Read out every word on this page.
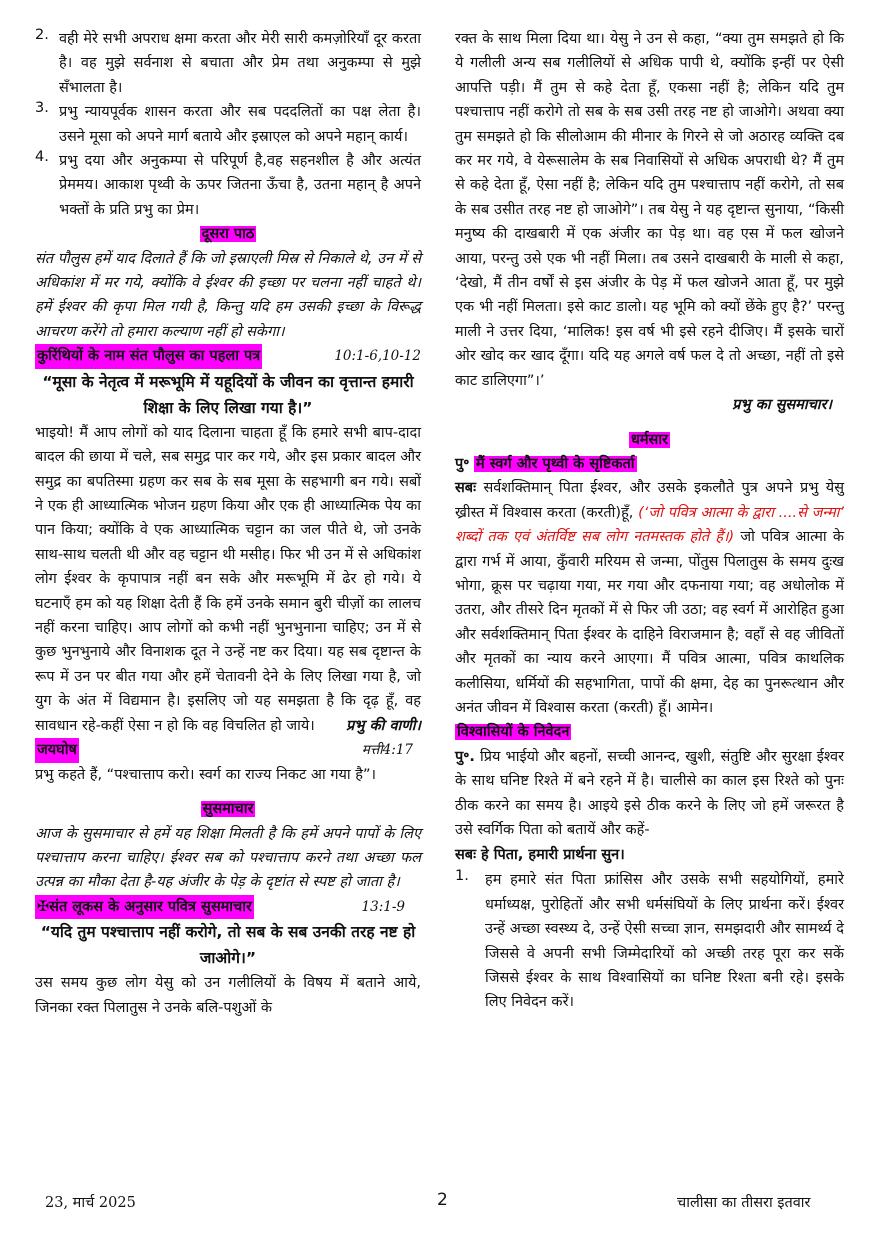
2. वही मेरे सभी अपराध क्षमा करता और मेरी सारी कमज़ोरियाँ दूर करता है। वह मुझे सर्वनाश से बचाता और प्रेम तथा अनुकम्पा से मुझे सँभालता है।

3. प्रभु न्यायपूर्वक शासन करता और सब पददलितों का पक्ष लेता है। उसने मूसा को अपने मार्ग बताये और इस्राएल को अपने महान् कार्य।

4. प्रभु दया और अनुकम्पा से परिपूर्ण है,वह सहनशील है और अत्यंत प्रेममय। आकाश पृथ्वी के ऊपर जितना ऊँचा है, उतना महान् है अपने भक्तों के प्रति प्रभु का प्रेम।

दूसरा पाठ

संत पौलुस हमें याद दिलाते हैं कि जो इस्राएली मिस्र से निकाले थे, उन में से अधिकांश में मर गये, क्योंकि वे ईश्वर की इच्छा पर चलना नहीं चाहते थे। हमें ईश्वर की कृपा मिल गयी है, किन्तु यदि हम उसकी इच्छा के विरूद्ध आचरण करेंगे तो हमारा कल्याण नहीं हो सकेगा।

कुरिंथियों के नाम संत पौलुस का पहला पत्र	10:1-6,10-12
“मूसा के नेतृत्व में मरूभूमि में यहूदियों के जीवन का वृत्तान्त हमारी शिक्षा के लिए लिखा गया है।”

भाइयो! मैं आप लोगों को याद दिलाना चाहता हूँ कि हमारे सभी बाप-दादा बादल की छाया में चले, सब समुद्र पार कर गये, और इस प्रकार बादल और समुद्र का बपतिस्मा ग्रहण कर सब के सब मूसा के सहभागी बन गये। सबों ने एक ही आध्यात्मिक भोजन ग्रहण किया और एक ही आध्यात्मिक पेय का पान किया; क्योंकि वे एक आध्यात्मिक चट्टान का जल पीते थे, जो उनके साथ-साथ चलती थी और वह चट्टान थी मसीह। फिर भी उन में से अधिकांश लोग ईश्वर के कृपापात्र नहीं बन सके और मरूभूमि में ढेर हो गये। ये घटनाएँ हम को यह शिक्षा देती हैं कि हमें उनके समान बुरी चीज़ों का लालच नहीं करना चाहिए। आप लोगों को कभी नहीं भुनभुनाना चाहिए; उन में से कुछ भुनभुनाये और विनाशक दूत ने उन्हें नष्ट कर दिया। यह सब दृष्टान्त के रूप में उन पर बीत गया और हमें चेतावनी देने के लिए लिखा गया है, जो युग के अंत में विद्यमान है। इसलिए जो यह समझता है कि दृढ़ हूँ, वह सावधान रहे-कहीं ऐसा न हो कि वह विचलित हो जाये।	प्रभु की वाणी।
जयघोष	मत्ती4:17

प्रभु कहते हैं, “पश्चात्ताप करो। स्वर्ग का राज्य निकट आ गया है”।

सुसमाचार

आज के सुसमाचार से हमें यह शिक्षा मिलती है कि हमें अपने पापों के लिए पश्चात्ताप करना चाहिए। ईश्वर सब को पश्चात्ताप करने तथा अच्छा फल उत्पन्न का मौका देता है-यह अंजीर के पेड़ के दृष्टांत से स्पष्ट हो जाता है।

✠संत लूकस के अनुसार पवित्र सुसमाचार	13:1-9
“यदि तुम पश्चात्ताप नहीं करोगे, तो सब के सब उनकी तरह नष्ट हो जाओगे।”

उस समय कुछ लोग येसु को उन गलीलियों के विषय में बताने आये, जिनका रक्त पिलातुस ने उनके बलि-पशुओं के

रक्त के साथ मिला दिया था। येसु ने उन से कहा, “क्या तुम समझते हो कि ये गलीली अन्य सब गलीलियों से अधिक पापी थे, क्योंकि इन्हीं पर ऐसी आपत्ति पड़ी। मैं तुम से कहे देता हूँ, एकसा नहीं है; लेकिन यदि तुम पश्चात्ताप नहीं करोगे तो सब के सब उसी तरह नष्ट हो जाओगे। अथवा क्या तुम समझते हो कि सीलोआम की मीनार के गिरने से जो अठारह व्यक्ति दब कर मर गये, वे येरूसालेम के सब निवासियों से अधिक अपराधी थे? मैं तुम से कहे देता हूँ, ऐसा नहीं है; लेकिन यदि तुम पश्चात्ताप नहीं करोगे, तो सब के सब उसीत तरह नष्ट हो जाओगे”। तब येसु ने यह दृष्टान्त सुनाया, “किसी मनुष्य की दाखबारी में एक अंजीर का पेड़ था। वह एस में फल खोजने आया, परन्तु उसे एक भी नहीं मिला। तब उसने दाखबारी के माली से कहा, ‘देखो, मैं तीन वर्षों से इस अंजीर के पेड़ में फल खोजने आता हूँ, पर मुझे एक भी नहीं मिलता। इसे काट डालो। यह भूमि को क्यों छेंके हुए है?’ परन्तु माली ने उत्तर दिया, ‘मालिक! इस वर्ष भी इसे रहने दीजिए। मैं इसके चारों ओर खोद कर खाद दूँगा। यदि यह अगले वर्ष फल दे तो अच्छा, नहीं तो इसे काट डालिएगा”।’

प्रभु का सुसमाचार।
धर्मसार
पु॰ मैं स्वर्ग और पृथ्वी के सृष्टिकर्ता

सबः सर्वशक्तिमान् पिता ईश्वर, और उसके इकलौते पुत्र अपने प्रभु येसु ख्रीस्त में विश्वास करता (करती)हूँ, (‘जो पवित्र आत्मा के द्वारा ....से जन्मा’ शब्दों तक एवं अंतर्विष्ट सब लोग नतमस्तक होते हैं।) जो पवित्र आत्मा के द्वारा गर्भ में आया, कुँवारी मरियम से जन्मा, पोंतुस पिलातुस के समय दुःख भोगा, क्रूस पर चढ़ाया गया, मर गया और दफनाया गया; वह अधोलोक में उतरा, और तीसरे दिन मृतकों में से फिर जी उठा; वह स्वर्ग में आरोहित हुआ और सर्वशक्तिमान् पिता ईश्वर के दाहिने विराजमान है; वहाँ से वह जीवितों और मृतकों का न्याय करने आएगा। मैं पवित्र आत्मा, पवित्र काथलिक कलीसिया, धर्मियों की सहभागिता, पापों की क्षमा, देह का पुनरूत्थान और अनंत जीवन में विश्वास करता (करती) हूँ। आमेन।

विश्वासियों के निवेदन

पु॰. प्रिय भाईयो और बहनों, सच्ची आनन्द, खुशी, संतुष्टि और सुरक्षा ईश्वर के साथ घनिष्ट रिश्ते में बने रहने में है। चालीसे का काल इस रिश्ते को पुनः ठीक करने का समय है। आइये इसे ठीक करने के लिए जो हमें जरूरत है उसे स्वर्गिक पिता को बतायें और कहें-

सबः हे पिता, हमारी प्रार्थना सुन।
1.	हम हमारे संत पिता फ्रांसिस और उसके सभी सहयोगियों, हमारे धर्माध्यक्ष, पुरोहितों और सभी धर्मसंघियों के लिए प्रार्थना करें। ईश्वर उन्हें अच्छा स्वस्थ्य दे, उन्हें ऐसी सच्चा ज्ञान, समझदारी और सामर्थ्य दे जिससे वे अपनी सभी जिम्मेदारियों को अच्छी तरह पूरा कर सकें जिससे ईश्वर के साथ विश्वासियों का घनिष्ट रिश्ता बनी रहे। इसके लिए निवेदन करें।

23, मार्च 2025	2	चालीसा का तीसरा इतवार
